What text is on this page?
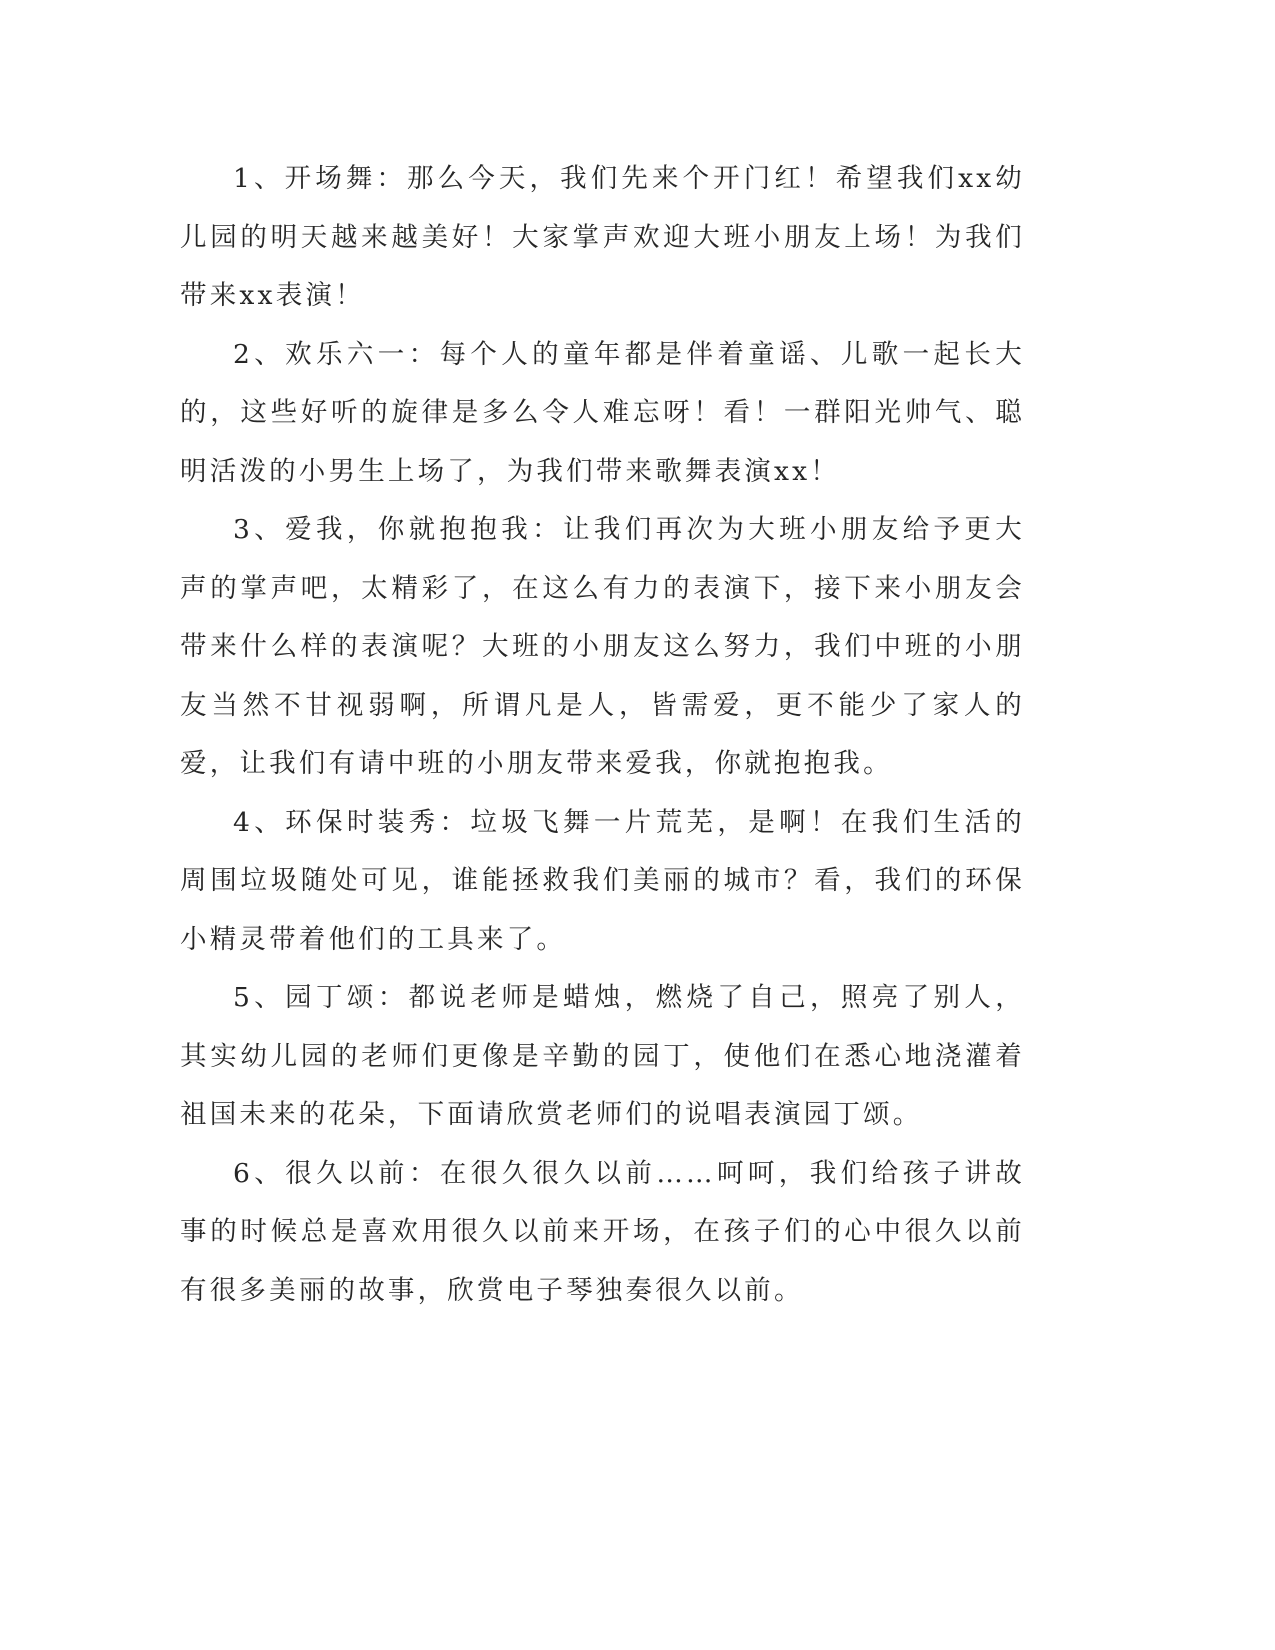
1、开场舞：那么今天，我们先来个开门红！希望我们xx幼儿园的明天越来越美好！大家掌声欢迎大班小朋友上场！为我们带来xx表演！

2、欢乐六一：每个人的童年都是伴着童谣、儿歌一起长大的，这些好听的旋律是多么令人难忘呀！看！一群阳光帅气、聪明活泼的小男生上场了，为我们带来歌舞表演xx！

3、爱我，你就抱抱我：让我们再次为大班小朋友给予更大声的掌声吧，太精彩了，在这么有力的表演下，接下来小朋友会带来什么样的表演呢？大班的小朋友这么努力，我们中班的小朋友当然不甘视弱啊，所谓凡是人，皆需爱，更不能少了家人的爱，让我们有请中班的小朋友带来爱我，你就抱抱我。

4、环保时装秀：垃圾飞舞一片荒芜，是啊！在我们生活的周围垃圾随处可见，谁能拯救我们美丽的城市？看，我们的环保小精灵带着他们的工具来了。

5、园丁颂：都说老师是蜡烛，燃烧了自己，照亮了别人，其实幼儿园的老师们更像是辛勤的园丁，使他们在悉心地浇灌着祖国未来的花朵，下面请欣赏老师们的说唱表演园丁颂。

6、很久以前：在很久很久以前……呵呵，我们给孩子讲故事的时候总是喜欢用很久以前来开场，在孩子们的心中很久以前有很多美丽的故事，欣赏电子琴独奏很久以前。
